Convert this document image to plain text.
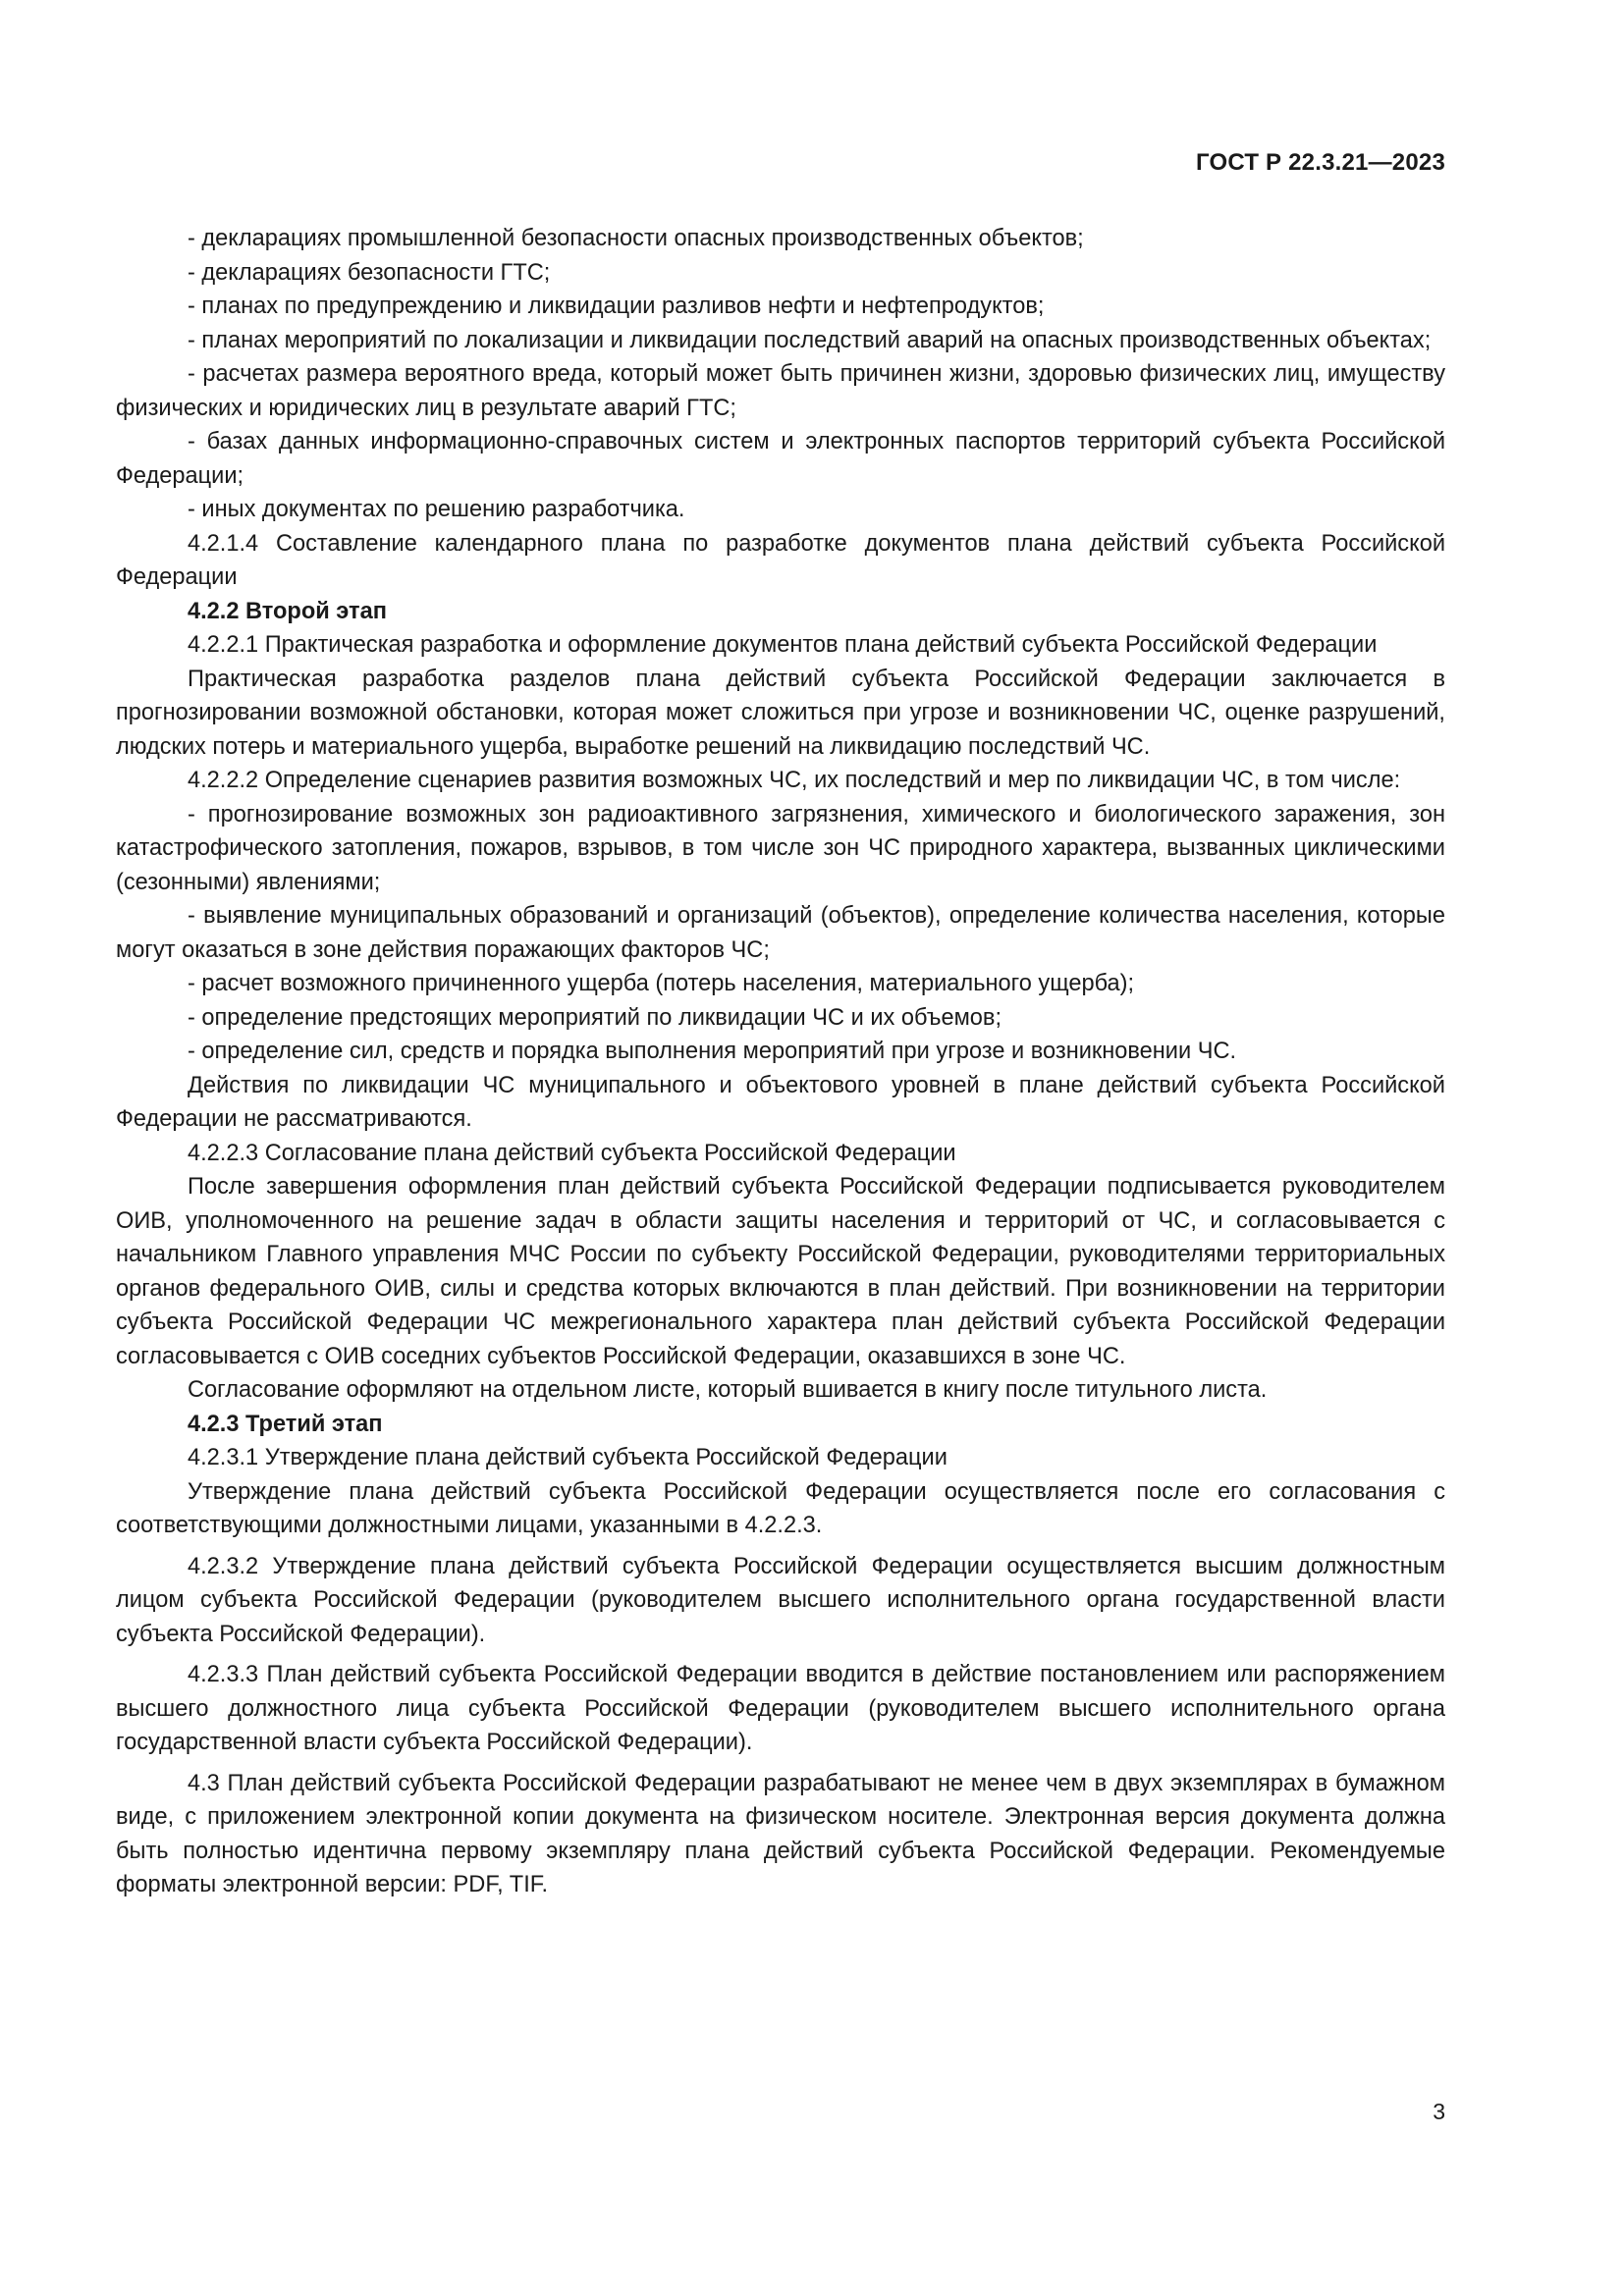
ГОСТ Р 22.3.21—2023

- декларациях промышленной безопасности опасных производственных объектов;

- декларациях безопасности ГТС;

- планах по предупреждению и ликвидации разливов нефти и нефтепродуктов;

- планах мероприятий по локализации и ликвидации последствий аварий на опасных производственных объектах;

- расчетах размера вероятного вреда, который может быть причинен жизни, здоровью физических лиц, имуществу физических и юридических лиц в результате аварий ГТС;

- базах данных информационно-справочных систем и электронных паспортов территорий субъекта Российской Федерации;

- иных документах по решению разработчика.

4.2.1.4 Составление календарного плана по разработке документов плана действий субъекта Российской Федерации

4.2.2 Второй этап

4.2.2.1 Практическая разработка и оформление документов плана действий субъекта Российской Федерации

Практическая разработка разделов плана действий субъекта Российской Федерации заключается в прогнозировании возможной обстановки, которая может сложиться при угрозе и возникновении ЧС, оценке разрушений, людских потерь и материального ущерба, выработке решений на ликвидацию последствий ЧС.

4.2.2.2 Определение сценариев развития возможных ЧС, их последствий и мер по ликвидации ЧС, в том числе:

- прогнозирование возможных зон радиоактивного загрязнения, химического и биологического заражения, зон катастрофического затопления, пожаров, взрывов, в том числе зон ЧС природного характера, вызванных циклическими (сезонными) явлениями;

- выявление муниципальных образований и организаций (объектов), определение количества населения, которые могут оказаться в зоне действия поражающих факторов ЧС;

- расчет возможного причиненного ущерба (потерь населения, материального ущерба);

- определение предстоящих мероприятий по ликвидации ЧС и их объемов;

- определение сил, средств и порядка выполнения мероприятий при угрозе и возникновении ЧС.

Действия по ликвидации ЧС муниципального и объектового уровней в плане действий субъекта Российской Федерации не рассматриваются.

4.2.2.3 Согласование плана действий субъекта Российской Федерации

После завершения оформления план действий субъекта Российской Федерации подписывается руководителем ОИВ, уполномоченного на решение задач в области защиты населения и территорий от ЧС, и согласовывается с начальником Главного управления МЧС России по субъекту Российской Федерации, руководителями территориальных органов федерального ОИВ, силы и средства которых включаются в план действий. При возникновении на территории субъекта Российской Федерации ЧС межрегионального характера план действий субъекта Российской Федерации согласовывается с ОИВ соседних субъектов Российской Федерации, оказавшихся в зоне ЧС.

Согласование оформляют на отдельном листе, который вшивается в книгу после титульного листа.

4.2.3 Третий этап

4.2.3.1 Утверждение плана действий субъекта Российской Федерации

Утверждение плана действий субъекта Российской Федерации осуществляется после его согласования с соответствующими должностными лицами, указанными в 4.2.2.3.

4.2.3.2 Утверждение плана действий субъекта Российской Федерации осуществляется высшим должностным лицом субъекта Российской Федерации (руководителем высшего исполнительного органа государственной власти субъекта Российской Федерации).

4.2.3.3 План действий субъекта Российской Федерации вводится в действие постановлением или распоряжением высшего должностного лица субъекта Российской Федерации (руководителем высшего исполнительного органа государственной власти субъекта Российской Федерации).

4.3 План действий субъекта Российской Федерации разрабатывают не менее чем в двух экземплярах в бумажном виде, с приложением электронной копии документа на физическом носителе. Электронная версия документа должна быть полностью идентична первому экземпляру плана действий субъекта Российской Федерации. Рекомендуемые форматы электронной версии: PDF, TIF.

3
